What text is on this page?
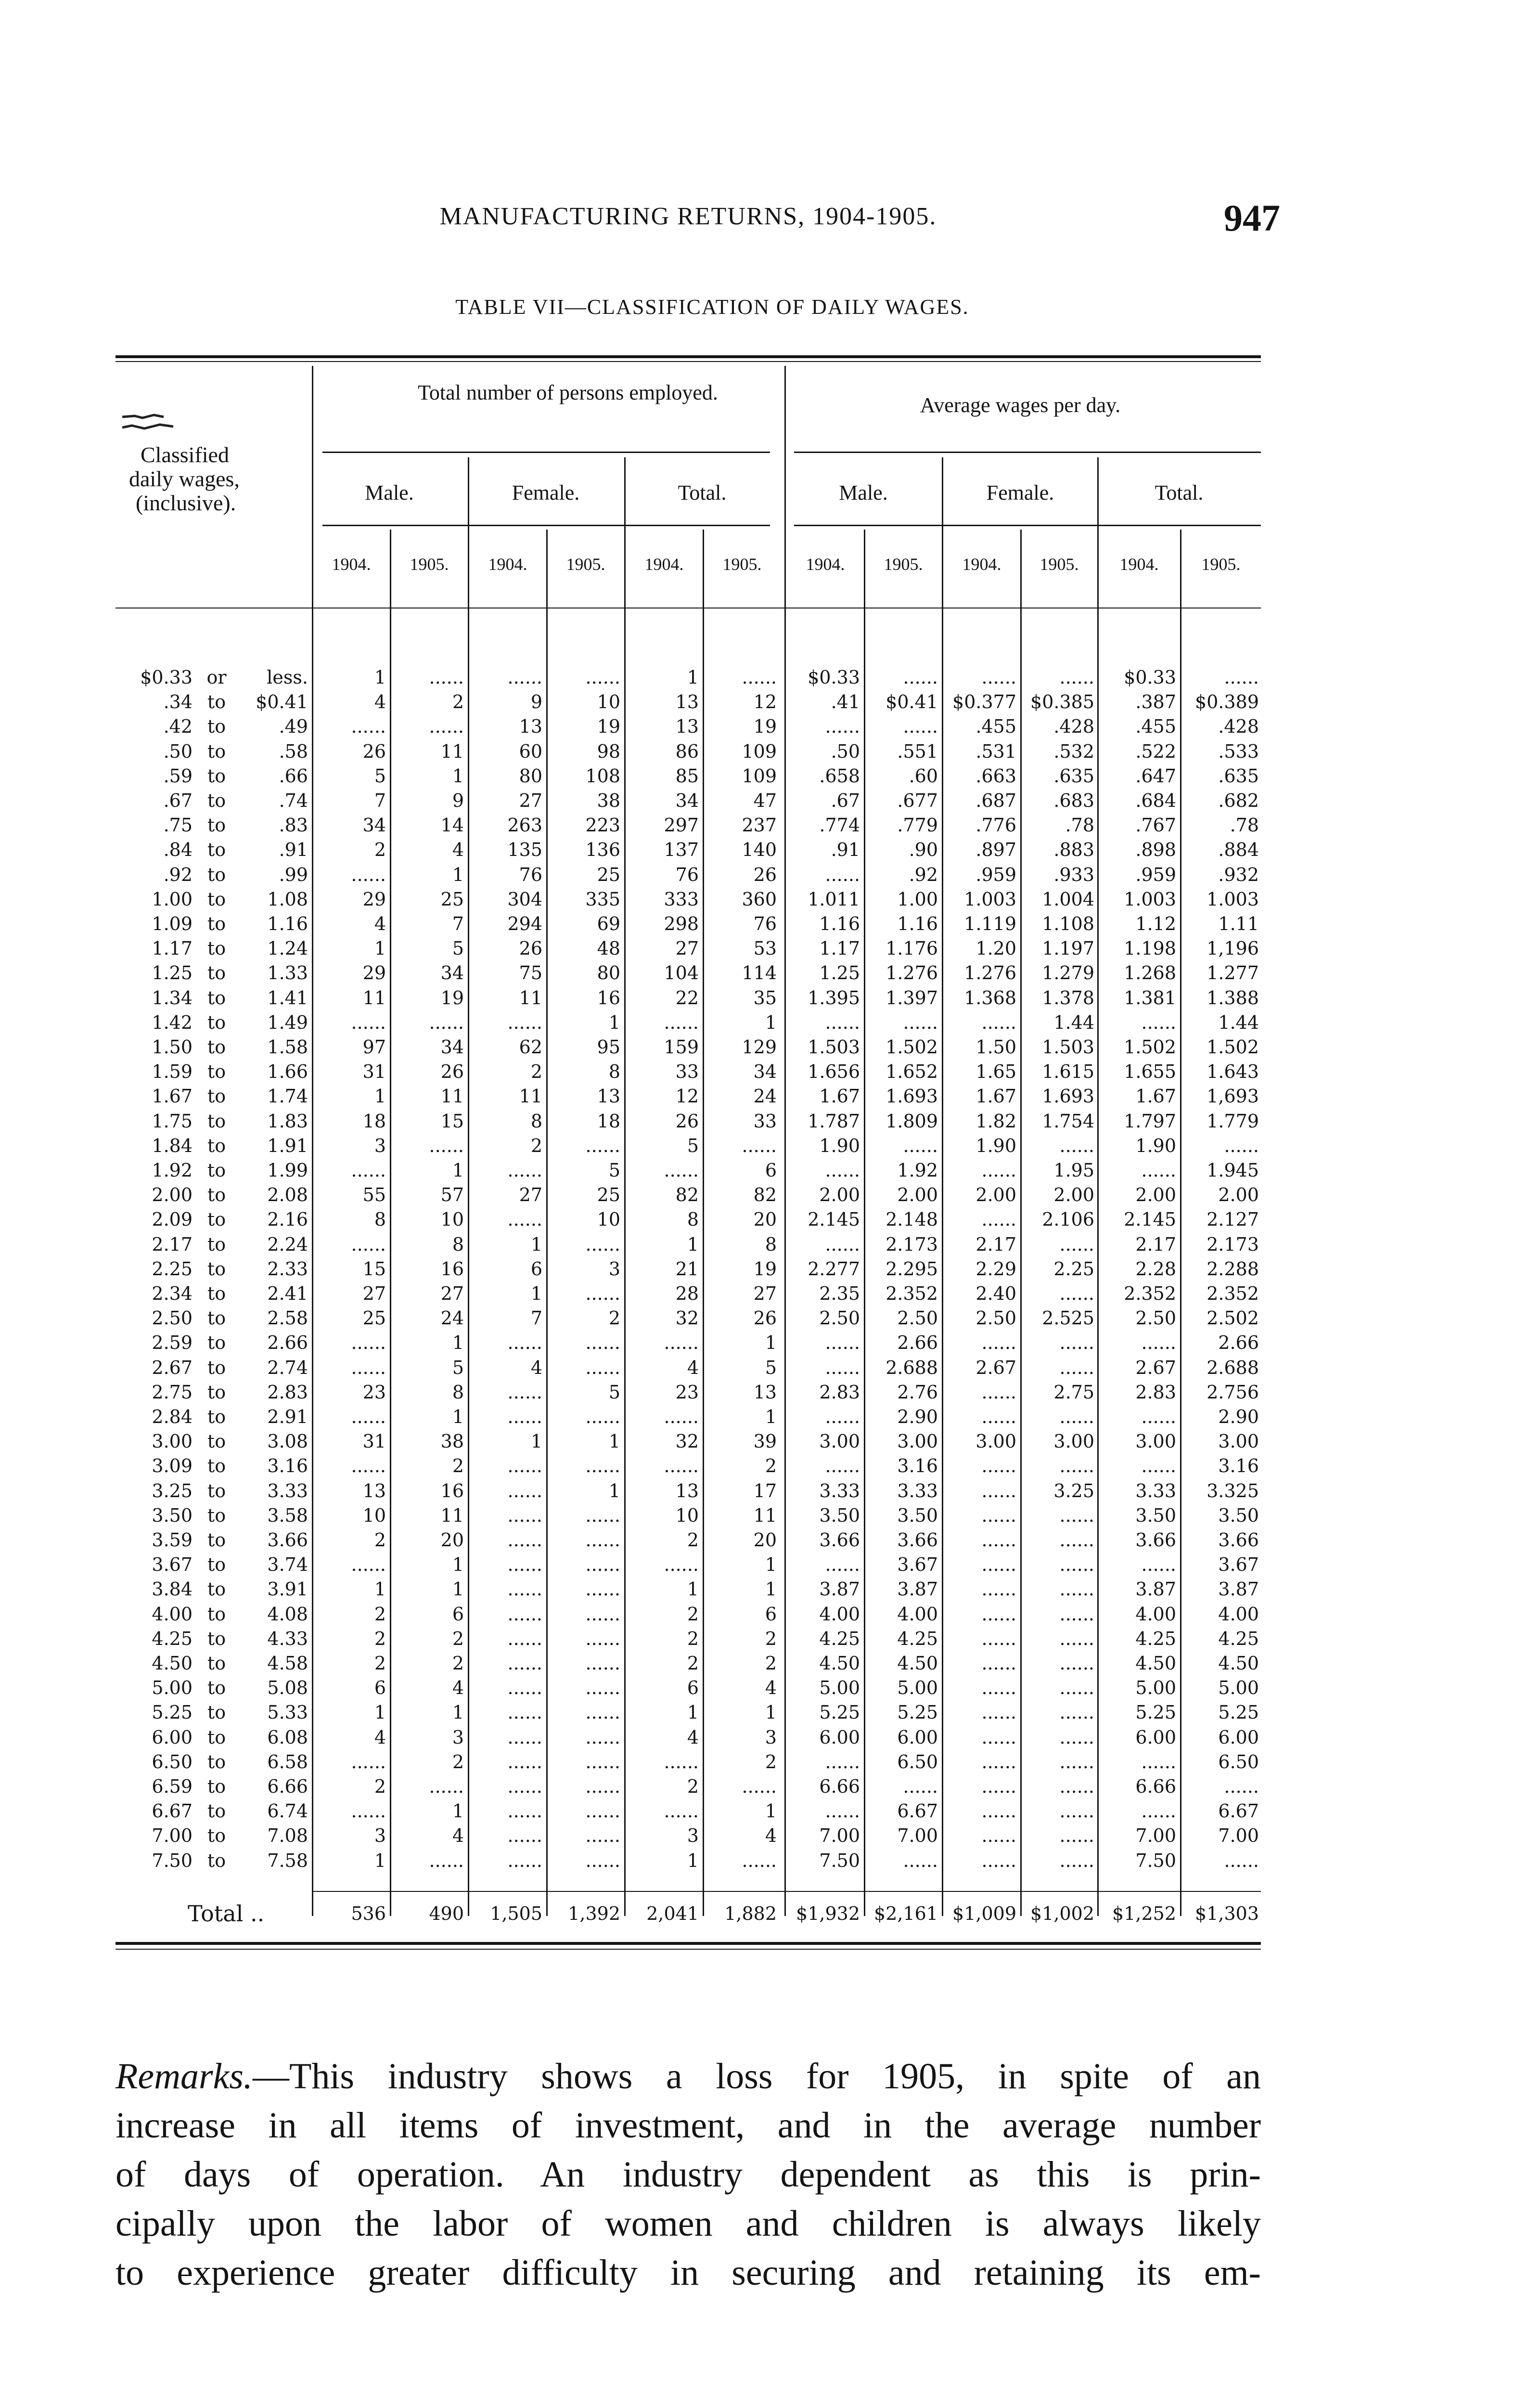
MANUFACTURING RETURNS, 1904-1905.	947
TABLE VII—CLASSIFICATION OF DAILY WAGES.
Classified
daily wages,
(inclusive).
Total number of persons employed.
Average wages per day.
Male.	Female.	Total.	Male.	Female.	Total.
1904.	1905.	1904.	1905.	1904.	1905.	1904.	1905.	1904.	1905.	1904.	1905.
$0.33 or	less.	1	......	......	......	1	......	$0.33	......	......	......	$0.33	......
.34 to	$0.41	4	2	9	10	13	12	.41	$0.41 $0.377 $0.385	.387	$0.389
.42 to	.49	......	......	13	19	13	19	......	......	.455	.428	.455	.428
.50 to	.58	26	11	60	98	86	109	.50	.551	.531	.532	.522	.533
.59 to	.66	5	1	80	108	85	109	.658	.60	.663	.635	.647	.635
.67 to	.74	7	9	27	38	34	47	.67	.677	.687	.683	.684	.682
.75 to	.83	34	14	263	223	297	237	.774	.779	.776	.78	.767	.78
.84 to	.91	2	4	135	136	137	140	.91	.90	.897	.883	.898	.884
.92 to	.99	......	1	76	25	76	26	......	.92	.959	.933	.959	.932
1.00 to	1.08	29	25	304	335	333	360	1.011	1.00	1.003	1.004	1.003	1.003
1.09 to	1.16	4	7	294	69	298	76	1.16	1.16	1.119	1.108	1.12	1.11
1.17 to	1.24	1	5	26	48	27	53	1.17	1.176	1.20	1.197	1.198	1,196
1.25 to	1.33	29	34	75	80	104	114	1.25	1.276	1.276	1.279	1.268	1.277
1.34 to	1.41	11	19	11	16	22	35	1.395	1.397	1.368	1.378	1.381	1.388
1.42 to	1.49	......	......	......	1	......	1	......	......	......	1.44	......	1.44
1.50 to	1.58	97	34	62	95	159	129	1.503	1.502	1.50	1.503	1.502	1.502
1.59 to	1.66	31	26	2	8	33	34	1.656	1.652	1.65	1.615	1.655	1.643
1.67 to	1.74	1	11	11	13	12	24	1.67	1.693	1.67	1.693	1.67	1,693
1.75 to	1.83	18	15	8	18	26	33	1.787	1.809	1.82	1.754	1.797	1.779
1.84 to	1.91	3	......	2	......	5	......	1.90	......	1.90	......	1.90	......
1.92 to	1.99	......	1	......	5	......	6	......	1.92	......	1.95	......	1.945
2.00 to	2.08	55	57	27	25	82	82	2.00	2.00	2.00	2.00	2.00	2.00
2.09 to	2.16	8	10	......	10	8	20	2.145	2.148	......	2.106	2.145	2.127
2.17 to	2.24	......	8	1	......	1	8	......	2.173	2.17	......	2.17	2.173
2.25 to	2.33	15	16	6	3	21	19	2.277	2.295	2.29	2.25	2.28	2.288
2.34 to	2.41	27	27	1	......	28	27	2.35	2.352	2.40	......	2.352	2.352
2.50 to	2.58	25	24	7	2	32	26	2.50	2.50	2.50	2.525	2.50	2.502
2.59 to	2.66	......	1	......	......	......	1	......	2.66	......	......	......	2.66
2.67 to	2.74	......	5	4	......	4	5	......	2.688	2.67	......	2.67	2.688
2.75 to	2.83	23	8	......	5	23	13	2.83	2.76	......	2.75	2.83	2.756
2.84 to	2.91	......	1	......	......	......	1	......	2.90	......	......	......	2.90
3.00 to	3.08	31	38	1	1	32	39	3.00	3.00	3.00	3.00	3.00	3.00
3.09 to	3.16	......	2	......	......	......	2	......	3.16	......	......	......	3.16
3.25 to	3.33	13	16	......	1	13	17	3.33	3.33	......	3.25	3.33	3.325
3.50 to	3.58	10	11	......	......	10	11	3.50	3.50	......	......	3.50	3.50
3.59 to	3.66	2	20	......	......	2	20	3.66	3.66	......	......	3.66	3.66
3.67 to	3.74	......	1	......	......	......	1	......	3.67	......	......	......	3.67
3.84 to	3.91	1	1	......	......	1	1	3.87	3.87	......	......	3.87	3.87
4.00 to	4.08	2	6	......	......	2	6	4.00	4.00	......	......	4.00	4.00
4.25 to	4.33	2	2	......	......	2	2	4.25	4.25	......	......	4.25	4.25
4.50 to	4.58	2	2	......	......	2	2	4.50	4.50	......	......	4.50	4.50
5.00 to	5.08	6	4	......	......	6	4	5.00	5.00	......	......	5.00	5.00
5.25 to	5.33	1	1	......	......	1	1	5.25	5.25	......	......	5.25	5.25
6.00 to	6.08	4	3	......	......	4	3	6.00	6.00	......	......	6.00	6.00
6.50 to	6.58	......	2	......	......	......	2	......	6.50	......	......	......	6.50
6.59 to	6.66	2	......	......	......	2	......	6.66	......	......	......	6.66	......
6.67 to	6.74	......	1	......	......	......	1	......	6.67	......	......	......	6.67
7.00 to	7.08	3	4	......	......	3	4	7.00	7.00	......	......	7.00	7.00
7.50 to	7.58	1	......	......	......	1	......	7.50	......	......	......	7.50	......
Total ..	536	490	1,505	1,392	2,041	1,882	$1,932 $2,161 $1,009 $1,002 $1,252	$1,303
Remarks.—This industry shows a loss for 1905, in spite of an
increase in all items of investment, and in the average number
of days of operation. An industry dependent as this is prin-
cipally upon the labor of women and children is always likely
to experience greater difficulty in securing and retaining its em-
